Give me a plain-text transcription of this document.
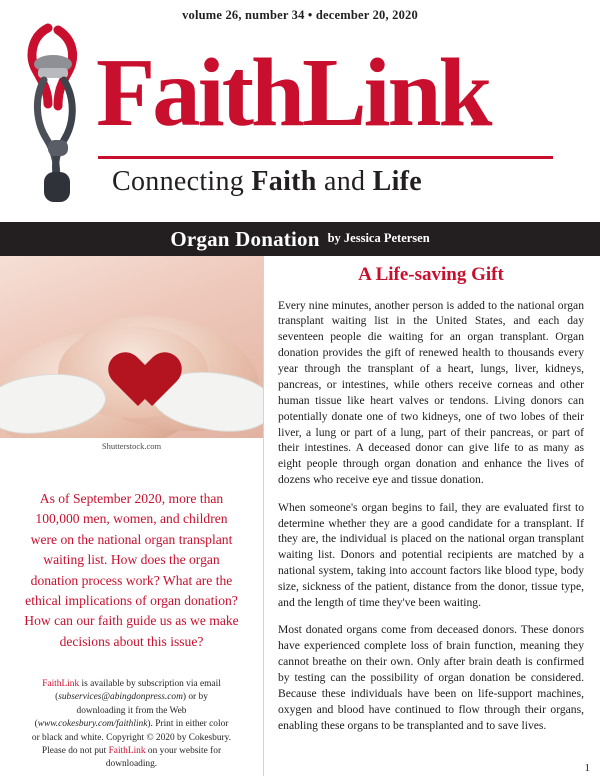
volume 26, number 34 • december 20, 2020
FaithLink
Connecting Faith and Life
Organ Donation by Jessica Petersen
Shutterstock.com
As of September 2020, more than 100,000 men, women, and children were on the national organ transplant waiting list. How does the organ donation process work? What are the ethical implications of organ donation? How can our faith guide us as we make decisions about this issue?
FaithLink is available by subscription via email (subservices@abingdonpress.com) or by downloading it from the Web (www.cokesbury.com/faithlink). Print in either color or black and white. Copyright © 2020 by Cokesbury. Please do not put FaithLink on your website for downloading.
A Life-saving Gift

Every nine minutes, another person is added to the national organ transplant waiting list in the United States, and each day seventeen people die waiting for an organ transplant. Organ donation provides the gift of renewed health to thousands every year through the transplant of a heart, lungs, liver, kidneys, pancreas, or intestines, while others receive corneas and other human tissue like heart valves or tendons. Living donors can potentially donate one of two kidneys, one of two lobes of their liver, a lung or part of a lung, part of their pancreas, or part of their intestines. A deceased donor can give life to as many as eight people through organ donation and enhance the lives of dozens who receive eye and tissue donation.

When someone's organ begins to fail, they are evaluated first to determine whether they are a good candidate for a transplant. If they are, the individual is placed on the national organ transplant waiting list. Donors and potential recipients are matched by a national system, taking into account factors like blood type, body size, sickness of the patient, distance from the donor, tissue type, and the length of time they've been waiting.

Most donated organs come from deceased donors. These donors have experienced complete loss of brain function, meaning they cannot breathe on their own. Only after brain death is confirmed by testing can the possibility of organ donation be considered. Because these individuals have been on life-support machines, oxygen and blood have continued to flow through their organs, enabling these organs to be transplanted and to save lives.

1
